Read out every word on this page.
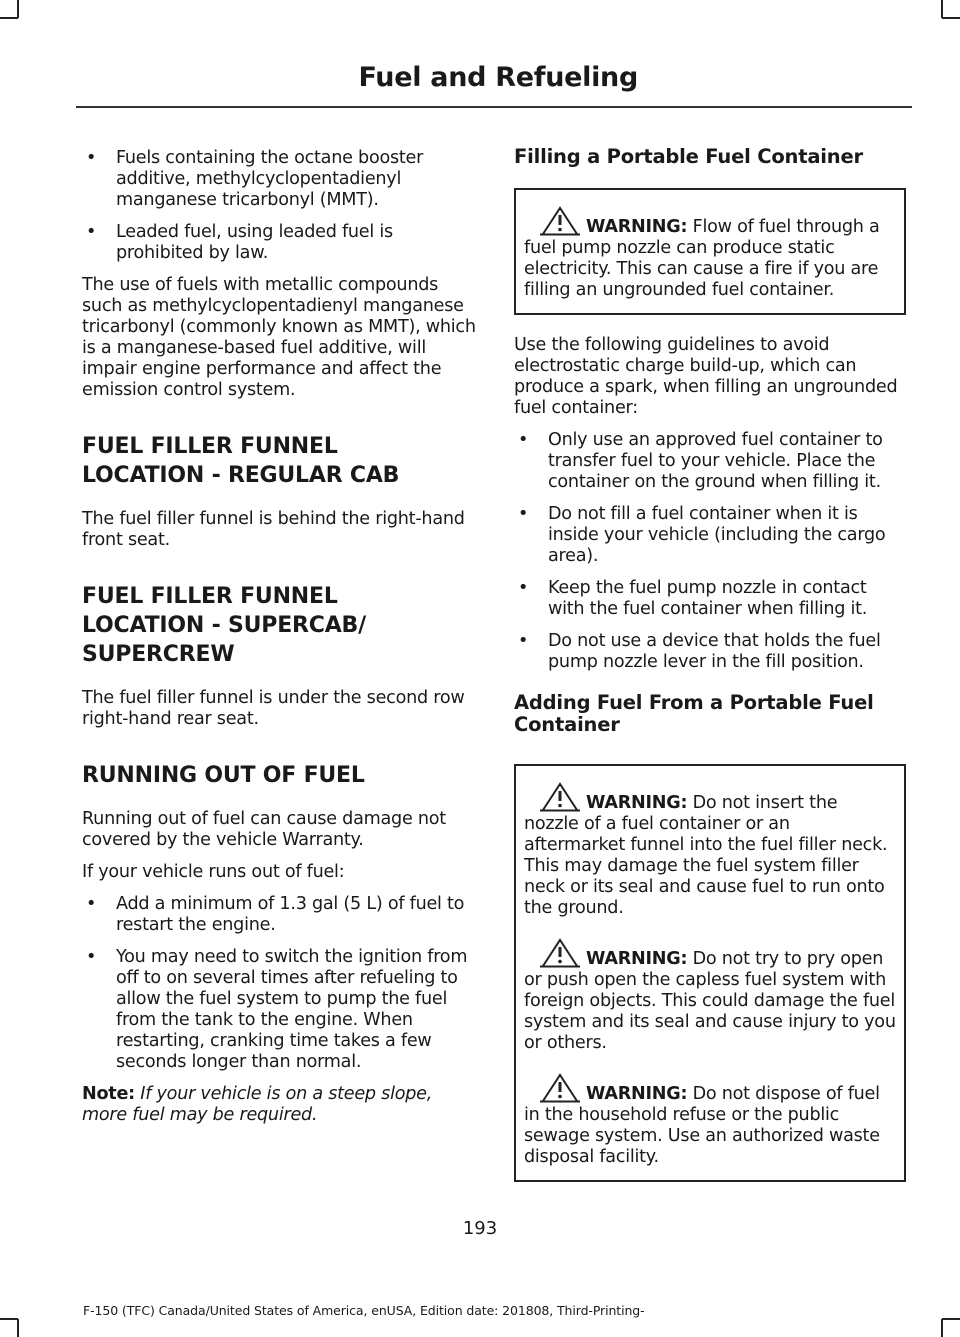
Fuel and Refueling
• Fuels containing the octane booster additive, methylcyclopentadienyl manganese tricarbonyl (MMT).
• Leaded fuel, using leaded fuel is prohibited by law.

The use of fuels with metallic compounds such as methylcyclopentadienyl manganese tricarbonyl (commonly known as MMT), which is a manganese-based fuel additive, will impair engine performance and affect the emission control system.

FUEL FILLER FUNNEL
LOCATION - REGULAR CAB

The fuel filler funnel is behind the right-hand front seat.

FUEL FILLER FUNNEL
LOCATION - SUPERCAB/
SUPERCREW

The fuel filler funnel is under the second row right-hand rear seat.

RUNNING OUT OF FUEL

Running out of fuel can cause damage not covered by the vehicle Warranty.

If your vehicle runs out of fuel:

• Add a minimum of 1.3 gal (5 L) of fuel to restart the engine.
• You may need to switch the ignition from off to on several times after refueling to allow the fuel system to pump the fuel from the tank to the engine. When restarting, cranking time takes a few seconds longer than normal.

Note: If your vehicle is on a steep slope, more fuel may be required.

Filling a Portable Fuel Container

WARNING: Flow of fuel through a fuel pump nozzle can produce static electricity. This can cause a fire if you are filling an ungrounded fuel container.

Use the following guidelines to avoid electrostatic charge build-up, which can produce a spark, when filling an ungrounded fuel container:

• Only use an approved fuel container to transfer fuel to your vehicle. Place the container on the ground when filling it.
• Do not fill a fuel container when it is inside your vehicle (including the cargo area).
• Keep the fuel pump nozzle in contact with the fuel container when filling it.
• Do not use a device that holds the fuel pump nozzle lever in the fill position.
Adding Fuel From a Portable Fuel Container

WARNING: Do not insert the nozzle of a fuel container or an aftermarket funnel into the fuel filler neck. This may damage the fuel system filler neck or its seal and cause fuel to run onto the ground.

WARNING: Do not try to pry open or push open the capless fuel system with foreign objects. This could damage the fuel system and its seal and cause injury to you or others.

WARNING: Do not dispose of fuel in the household refuse or the public sewage system. Use an authorized waste disposal facility.

193
F-150 (TFC) Canada/United States of America, enUSA, Edition date: 201808, Third-Printing-
